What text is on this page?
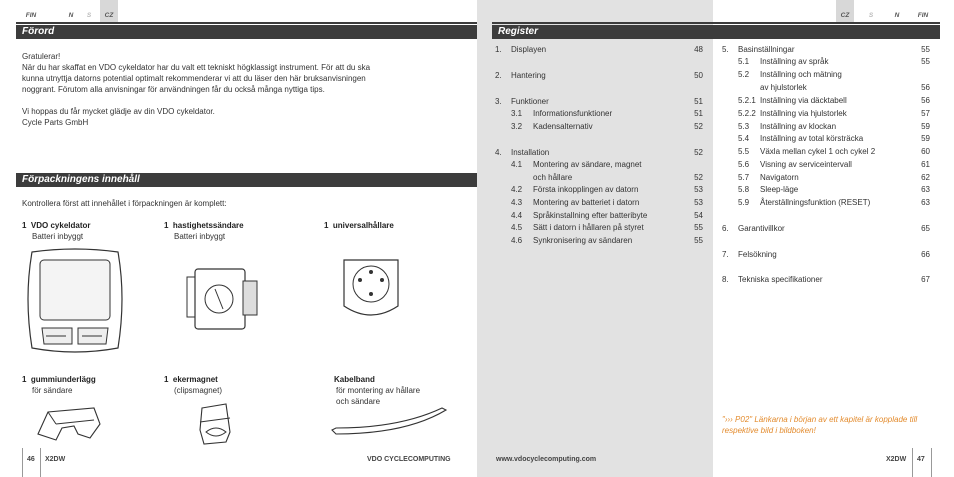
FIN	N	S	CZ
Förord
Gratulerar!
När du har skaffat en VDO cykeldator har du valt ett tekniskt högklassigt instrument. För att du ska
kunna utnyttja datorns potential optimalt rekommenderar vi att du läser den här bruksanvisningen
noggrant. Förutom alla anvisningar för användningen får du också många nyttiga tips.
Vi hoppas du får mycket glädje av din VDO cykeldator.
Cycle Parts GmbH
Förpackningens innehåll
Kontrollera först att innehållet i förpackningen är komplett:
1 VDO cykeldator
Batteri inbyggt
1 hastighetssändare
Batteri inbyggt
1 universalhållare
1 gummiunderlägg
för sändare
1 ekermagnet
(clipsmagnet)
Kabelband
för montering av hållare
och sändare
CZ	S	N	FIN
Register
1. Displayen	48
2. Hantering	50
3. Funktioner	51
3.1 Informationsfunktioner	51
3.2 Kadensalternativ	52
4. Installation	52
4.1 Montering av sändare, magnet
och hållare	52
4.2 Första inkopplingen av datorn	53
4.3 Montering av batteriet i datorn	53
4.4 Språkinstallning efter batteribyte	54
4.5 Sätt i datorn i hållaren på styret	55
4.6 Synkronisering av sändaren	55
5. Basinställningar	55
5.1 Inställning av språk	55
5.2 Inställning och mätning
av hjulstorlek	56
5.2.1 Inställning via däcktabell	56
5.2.2 Inställning via hjulstorlek	57
5.3 Inställning av klockan	59
5.4 Inställning av total körsträcka	59
5.5 Växla mellan cykel 1 och cykel 2	60
5.6 Visning av serviceintervall	61
5.7 Navigatorn	62
5.8 Sleep-läge	63
5.9 Återställningsfunktion (RESET)	63
6. Garantivillkor	65
7. Felsökning	66
8. Tekniska specifikationer	67
"››› P02" Länkarna i början av ett kapitel är kopplade till respektive bild i bildboken!
46 X2DW	VDO CYCLECOMPUTING	www.vdocyclecomputing.com	X2DW 47
